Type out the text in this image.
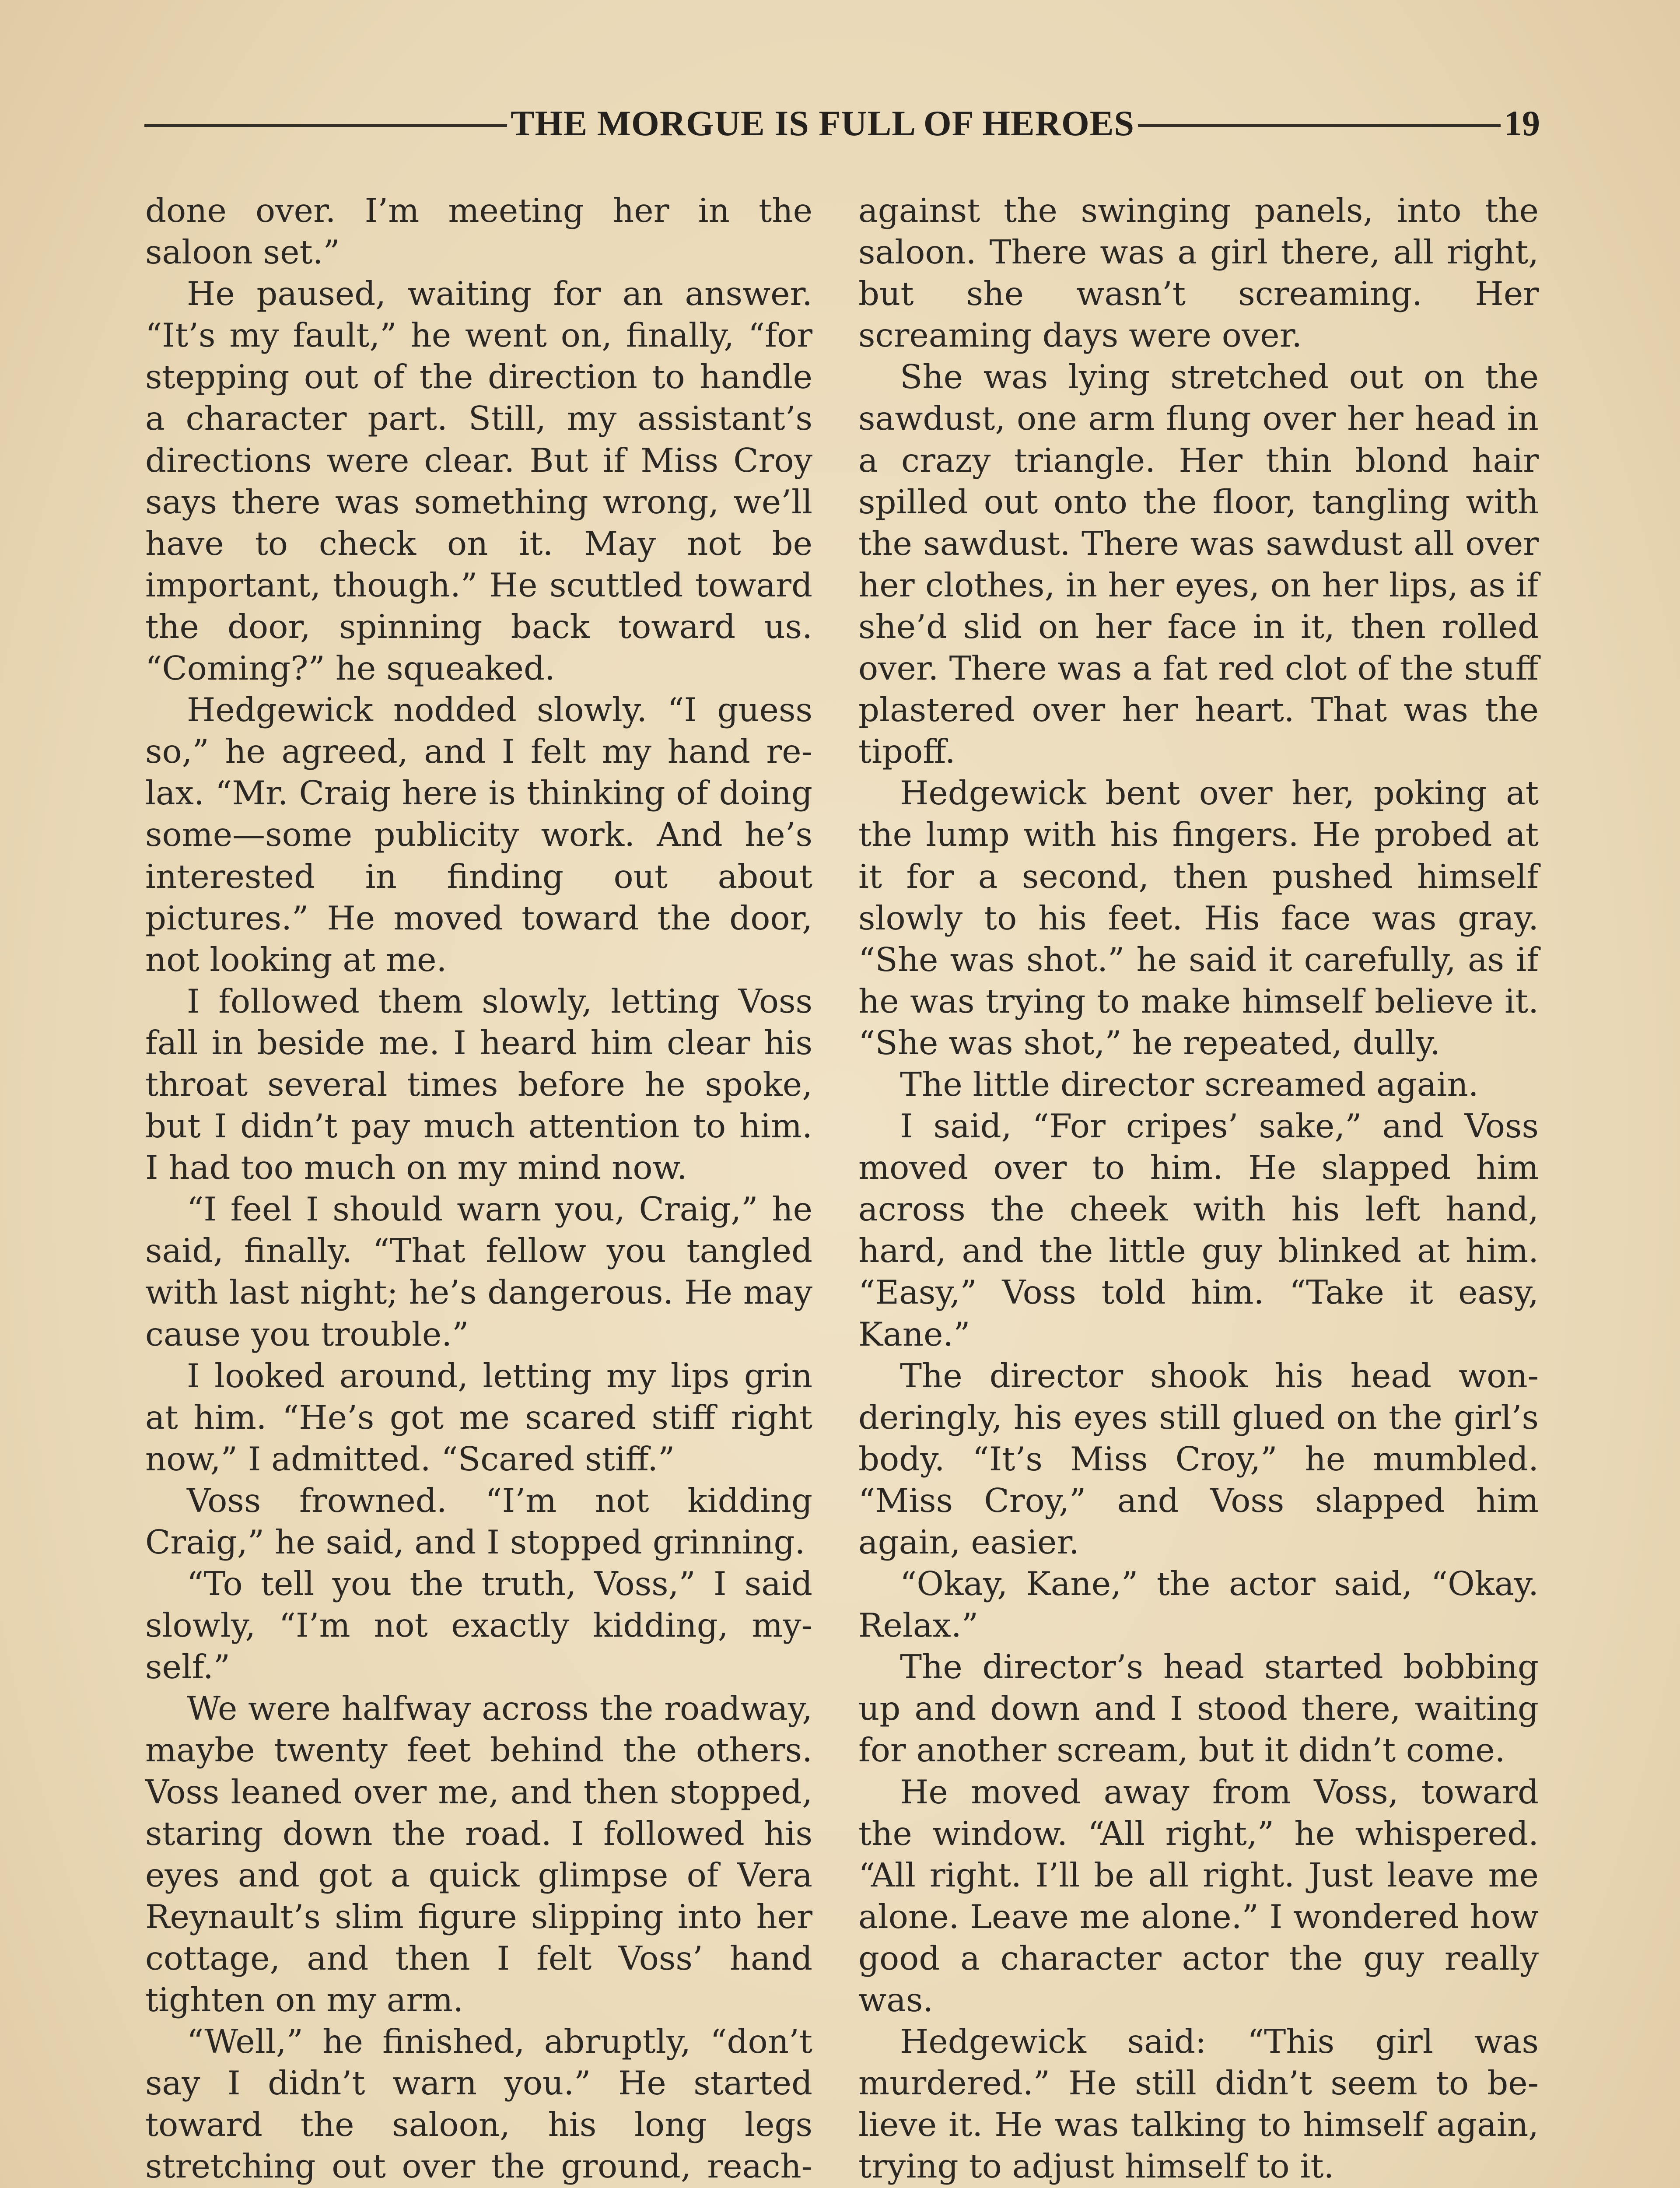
THE MORGUE IS FULL OF HEROES	19

done over. I’m meeting her in the saloon set.”

He paused, waiting for an answer. “It’s my fault,” he went on, finally, “for stepping out of the direction to handle a character part. Still, my assistant’s directions were clear. But if Miss Croy says there was something wrong, we’ll have to check on it. May not be important, though.” He scuttled toward the door, spinning back toward us. “Coming?” he squeaked.

Hedgewick nodded slowly. “I guess so,” he agreed, and I felt my hand relax. “Mr. Craig here is thinking of doing some—some publicity work. And he’s interested in finding out about pictures.” He moved toward the door, not looking at me.

I followed them slowly, letting Voss fall in beside me. I heard him clear his throat several times before he spoke, but I didn’t pay much attention to him. I had too much on my mind now.

“I feel I should warn you, Craig,” he said, finally. “That fellow you tangled with last night; he’s dangerous. He may cause you trouble.”

I looked around, letting my lips grin at him. “He’s got me scared stiff right now,” I admitted. “Scared stiff.”

Voss frowned. “I’m not kidding Craig,” he said, and I stopped grinning.

“To tell you the truth, Voss,” I said slowly, “I’m not exactly kidding, myself.”

We were halfway across the roadway, maybe twenty feet behind the others. Voss leaned over me, and then stopped, staring down the road. I followed his eyes and got a quick glimpse of Vera Reynault’s slim figure slipping into her cottage, and then I felt Voss’ hand tighten on my arm.

“Well,” he finished, abruptly, “don’t say I didn’t warn you.” He started toward the saloon, his long legs stretching out over the ground, reach

against the swinging panels, into the saloon. There was a girl there, all right, but she wasn’t screaming. Her screaming days were over.

She was lying stretched out on the sawdust, one arm flung over her head in a crazy triangle. Her thin blond hair spilled out onto the floor, tangling with the sawdust. There was sawdust all over her clothes, in her eyes, on her lips, as if she’d slid on her face in it, then rolled over. There was a fat red clot of the stuff plastered over her heart. That was the tipoff.

Hedgewick bent over her, poking at the lump with his fingers. He probed at it for a second, then pushed himself slowly to his feet. His face was gray. “She was shot.” he said it carefully, as if he was trying to make himself believe it. “She was shot,” he repeated, dully.

The little director screamed again.

I said, “For cripes’ sake,” and Voss moved over to him. He slapped him across the cheek with his left hand, hard, and the little guy blinked at him. “Easy,” Voss told him. “Take it easy, Kane.”

The director shook his head wonderingly, his eyes still glued on the girl’s body. “It’s Miss Croy,” he mumbled. “Miss Croy,” and Voss slapped him again, easier.

“Okay, Kane,” the actor said, “Okay. Relax.”

The director’s head started bobbing up and down and I stood there, waiting for another scream, but it didn’t come.

He moved away from Voss, toward the window. “All right,” he whispered. “All right. I’ll be all right. Just leave me alone. Leave me alone.” I wondered how good a character actor the guy really was.

Hedgewick said: “This girl was murdered.” He still didn’t seem to believe it. He was talking to himself again, trying to adjust himself to it.
